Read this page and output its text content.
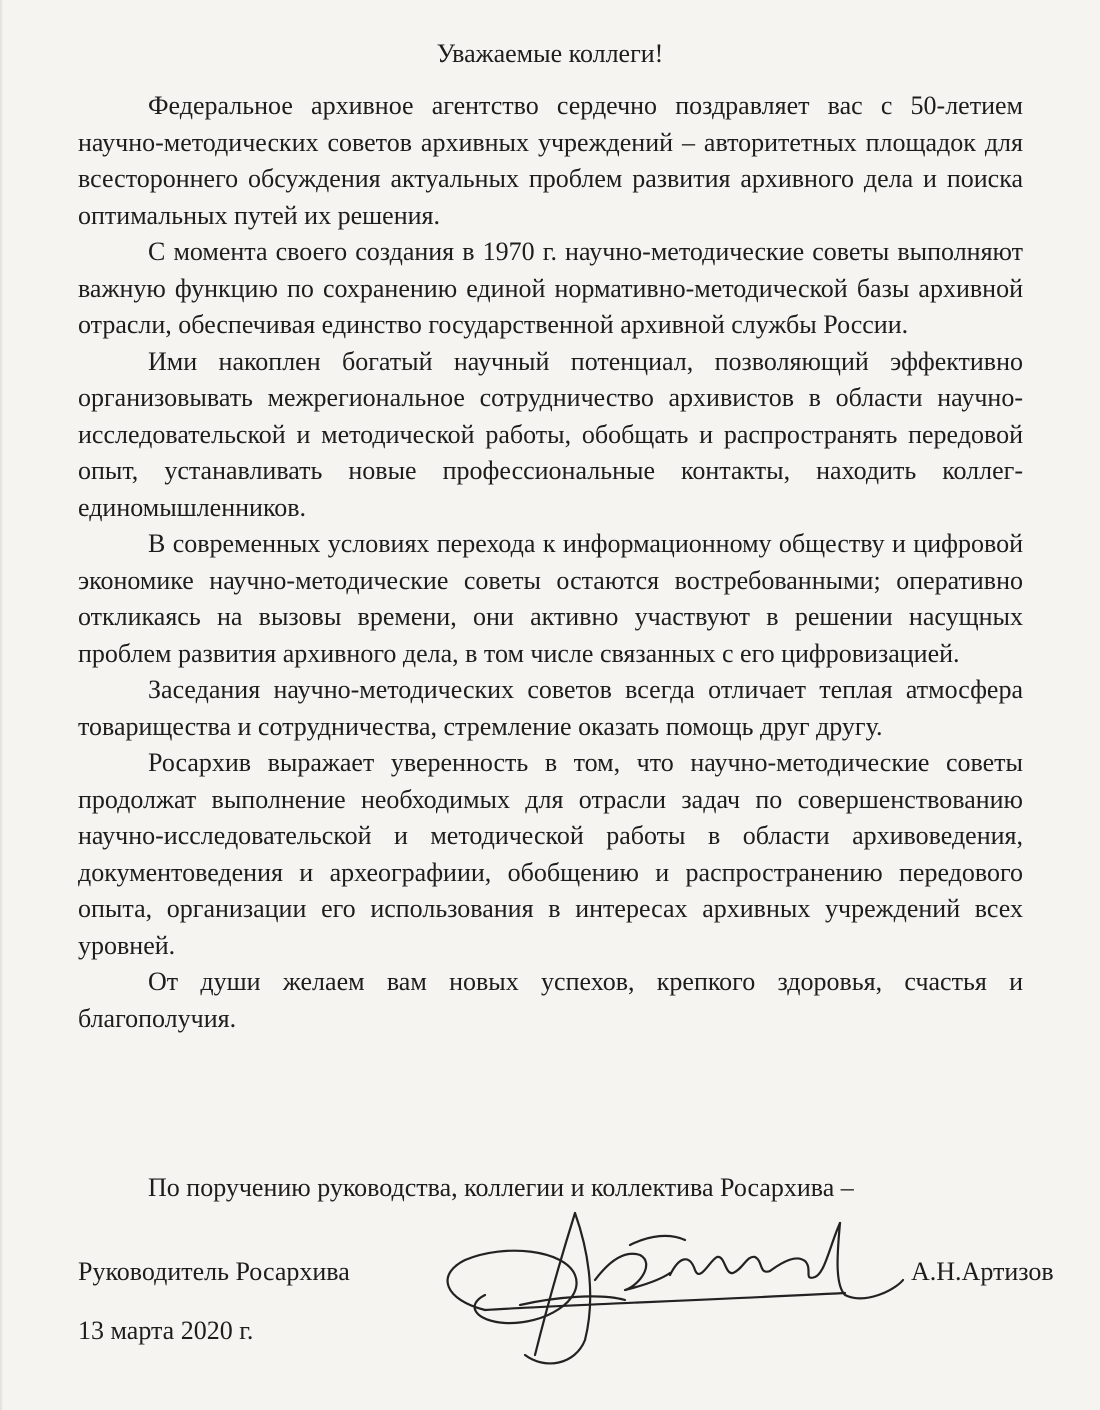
Уважаемые коллеги!

Федеральное архивное агентство сердечно поздравляет вас с 50-летием научно-методических советов архивных учреждений – авторитетных площадок для всестороннего обсуждения актуальных проблем развития архивного дела и поиска оптимальных путей их решения.

С момента своего создания в 1970 г. научно-методические советы выполняют важную функцию по сохранению единой нормативно-методической базы архивной отрасли, обеспечивая единство государственной архивной службы России.

Ими накоплен богатый научный потенциал, позволяющий эффективно организовывать межрегиональное сотрудничество архивистов в области научно-исследовательской и методической работы, обобщать и распространять передовой опыт, устанавливать новые профессиональные контакты, находить коллег-единомышленников.

В современных условиях перехода к информационному обществу и цифровой экономике научно-методические советы остаются востребованными; оперативно откликаясь на вызовы времени, они активно участвуют в решении насущных проблем развития архивного дела, в том числе связанных с его цифровизацией.

Заседания научно-методических советов всегда отличает теплая атмосфера товарищества и сотрудничества, стремление оказать помощь друг другу.

Росархив выражает уверенность в том, что научно-методические советы продолжат выполнение необходимых для отрасли задач по совершенствованию научно-исследовательской и методической работы в области архивоведения, документоведения и археографиии, обобщению и распространению передового опыта, организации его использования в интересах архивных учреждений всех уровней.

От души желаем вам новых успехов, крепкого здоровья, счастья и благополучия.

По поручению руководства, коллегии и коллектива Росархива –

Руководитель Росархива	А.Н.Артизов

13 марта 2020 г.
